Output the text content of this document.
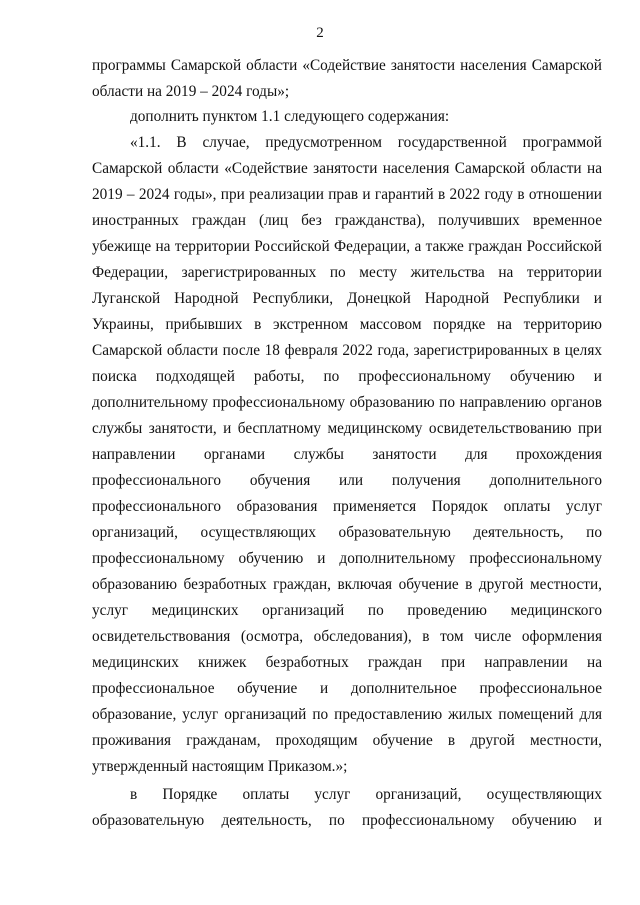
2
программы Самарской области «Содействие занятости населения Самарской
области на 2019 – 2024 годы»;
дополнить пунктом 1.1 следующего содержания:
«1.1. В случае, предусмотренном государственной программой
Самарской области «Содействие занятости населения Самарской области на
2019 – 2024 годы», при реализации прав и гарантий в 2022 году в отношении
иностранных граждан (лиц без гражданства), получивших временное
убежище на территории Российской Федерации, а также граждан Российской
Федерации, зарегистрированных по месту жительства на территории
Луганской Народной Республики, Донецкой Народной Республики и
Украины, прибывших в экстренном массовом порядке на территорию
Самарской области после 18 февраля 2022 года, зарегистрированных в целях
поиска подходящей работы, по профессиональному обучению и
дополнительному профессиональному образованию по направлению органов
службы занятости, и бесплатному медицинскому освидетельствованию при
направлении органами службы занятости для прохождения
профессионального обучения или получения дополнительного
профессионального образования применяется Порядок оплаты услуг
организаций, осуществляющих образовательную деятельность, по
профессиональному обучению и дополнительному профессиональному
образованию безработных граждан, включая обучение в другой местности,
услуг медицинских организаций по проведению медицинского
освидетельствования (осмотра, обследования), в том числе оформления
медицинских книжек безработных граждан при направлении на
профессиональное обучение и дополнительное профессиональное
образование, услуг организаций по предоставлению жилых помещений для
проживания гражданам, проходящим обучение в другой местности,
утвержденный настоящим Приказом.»;
в Порядке оплаты услуг организаций, осуществляющих
образовательную деятельность, по профессиональному обучению и
